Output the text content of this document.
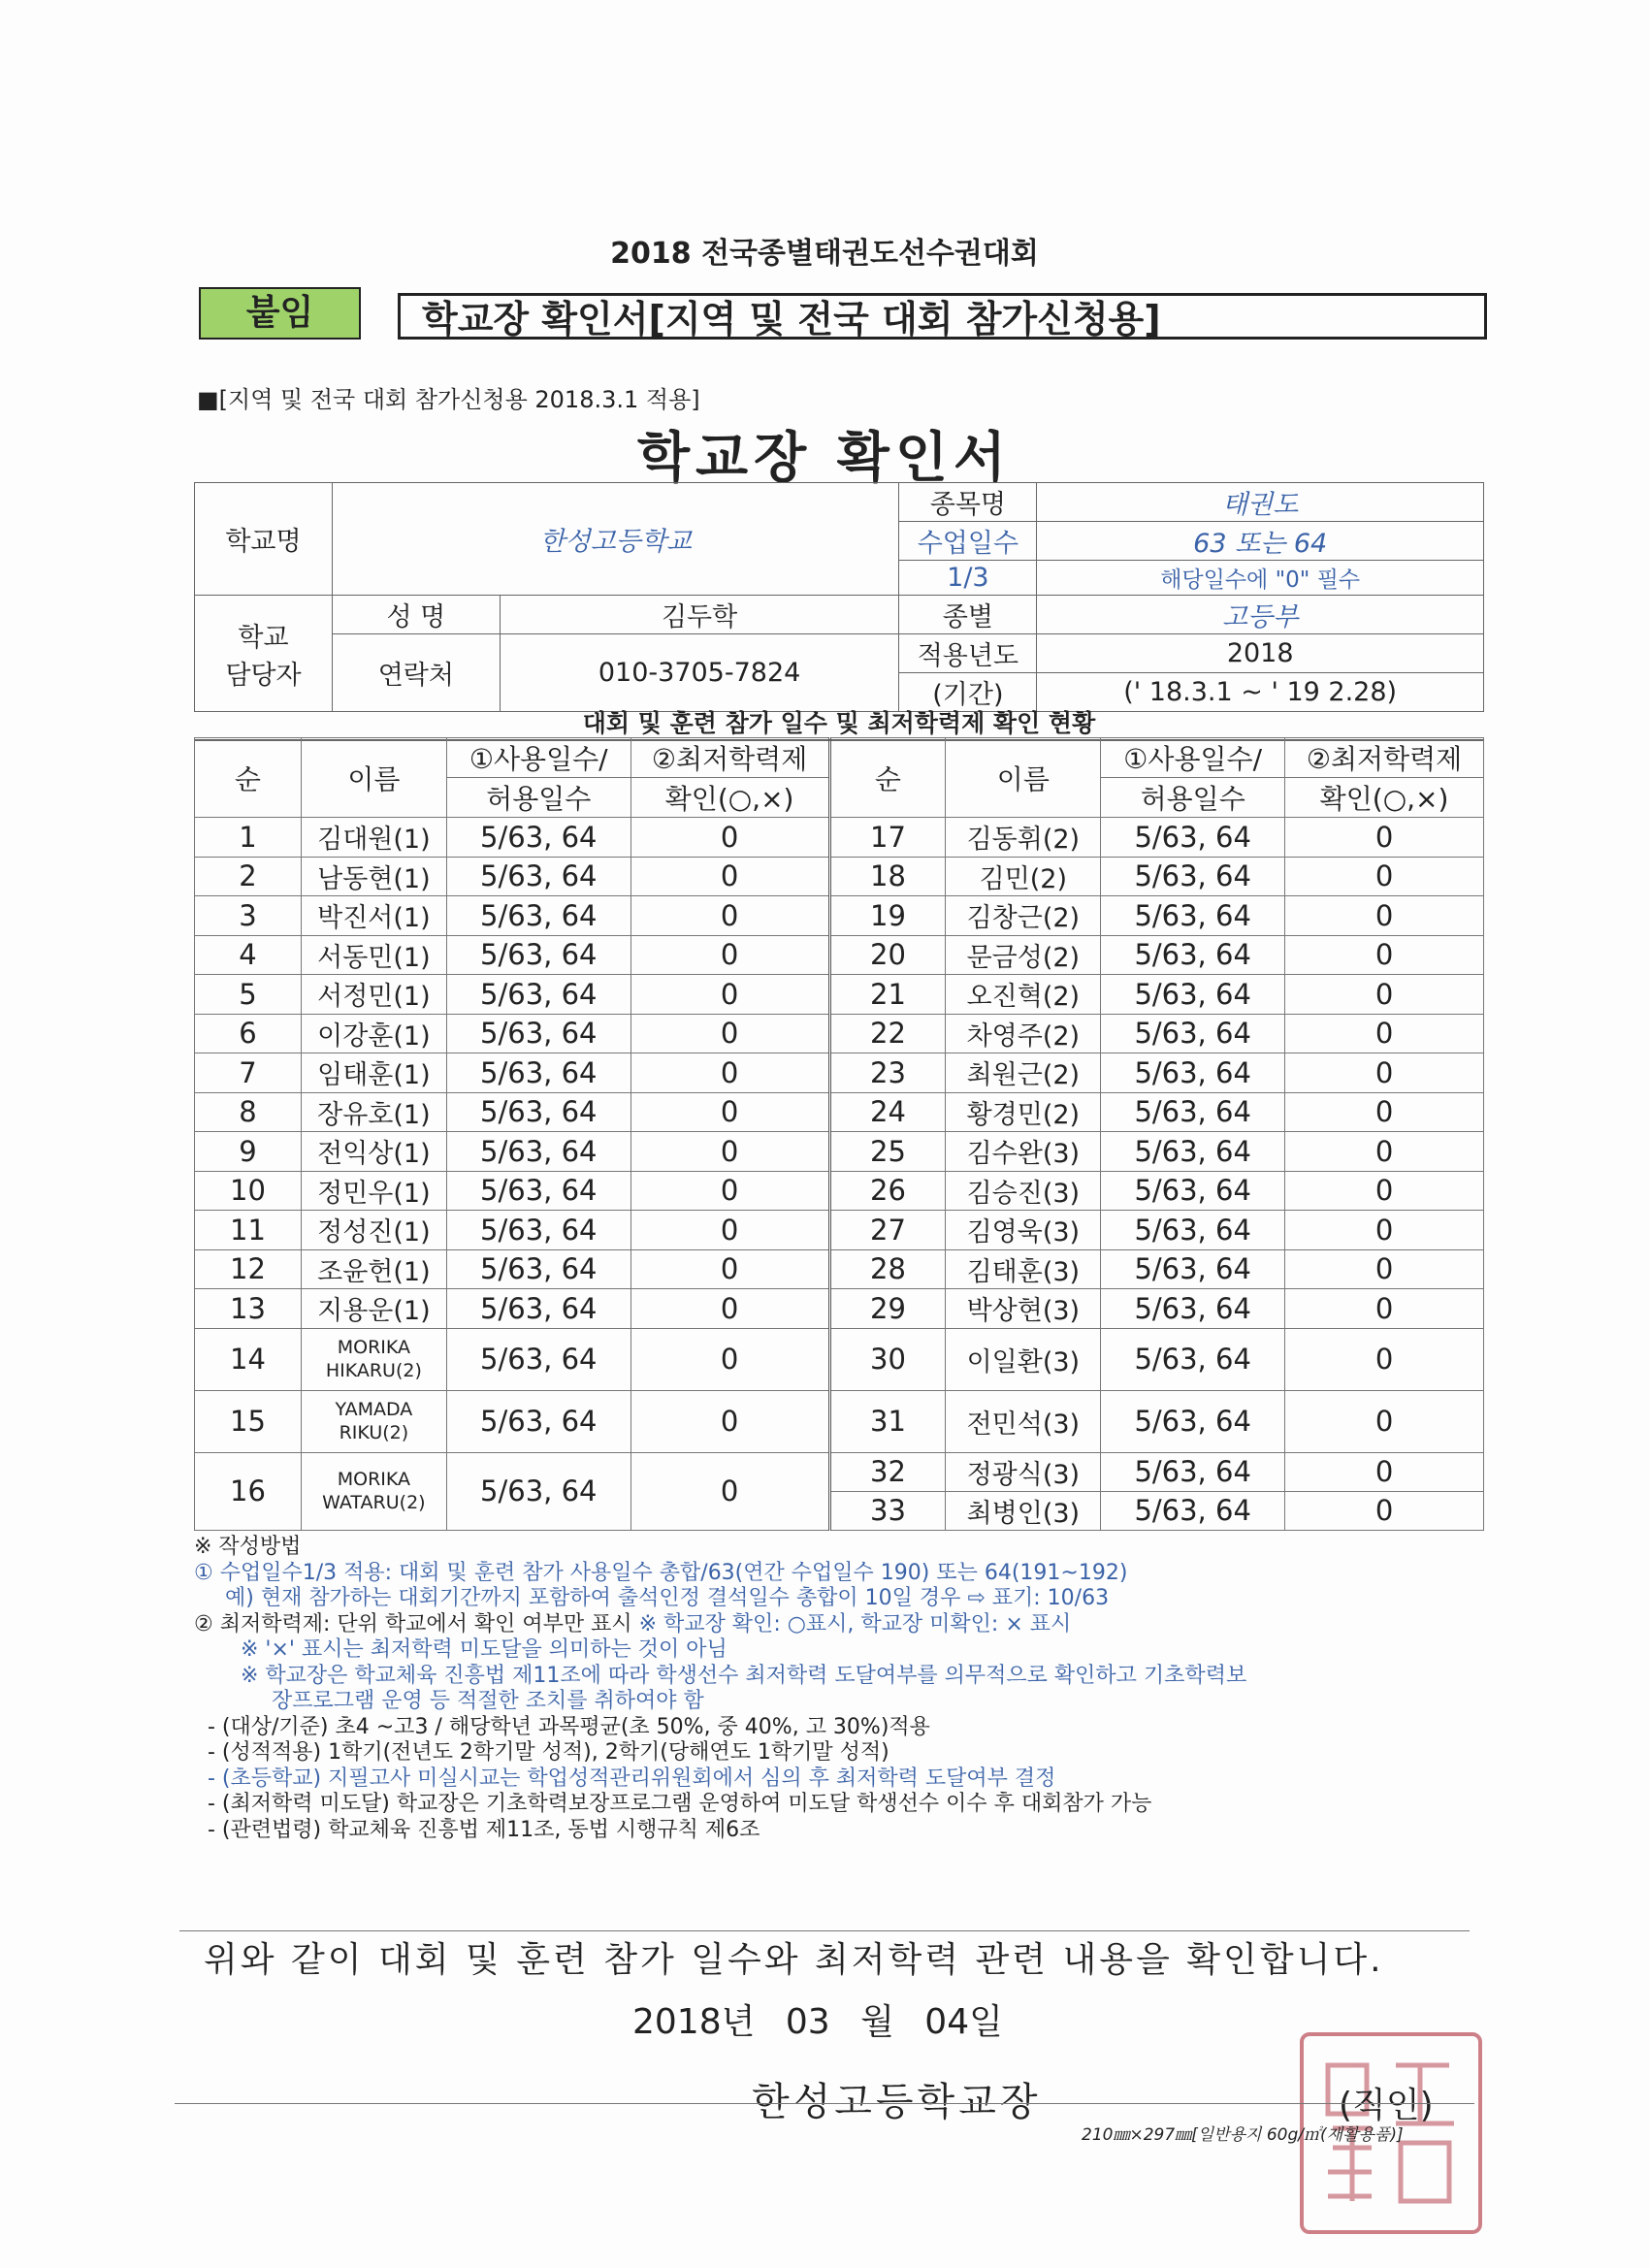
2018 전국종별태권도선수권대회
붙임	학교장 확인서[지역 및 전국 대회 참가신청용]
■[지역 및 전국 대회 참가신청용 2018.3.1 적용]
학교장 확인서
학교명	한성고등학교		종목명	태권도
			수업일수	63 또는 64
			1/3	해당일수에 "0" 필수

학교
담당자	성 명	김두학	종별	고등부
	연락처	010-3705-7824	적용년도	2018
			(기간)	(' 18.3.1 ~ ' 19 2.28)
대회 및 훈련 참가 일수 및 최저학력제 확인 현황
순	이름	①사용일수/	②최저학력제	순	이름	①사용일수/	②최저학력제
		허용일수	확인(○,×)			허용일수	확인(○,×)
1	김대원(1)	5/63, 64	0	17	김동휘(2)	5/63, 64	0
2	남동현(1)	5/63, 64	0	18	김민(2)	5/63, 64	0
3	박진서(1)	5/63, 64	0	19	김창근(2)	5/63, 64	0
4	서동민(1)	5/63, 64	0	20	문금성(2)	5/63, 64	0
5	서정민(1)	5/63, 64	0	21	오진혁(2)	5/63, 64	0
6	이강훈(1)	5/63, 64	0	22	차영주(2)	5/63, 64	0
7	임태훈(1)	5/63, 64	0	23	최원근(2)	5/63, 64	0
8	장유호(1)	5/63, 64	0	24	황경민(2)	5/63, 64	0
9	전익상(1)	5/63, 64	0	25	김수완(3)	5/63, 64	0
10	정민우(1)	5/63, 64	0	26	김승진(3)	5/63, 64	0
11	정성진(1)	5/63, 64	0	27	김영욱(3)	5/63, 64	0
12	조윤헌(1)	5/63, 64	0	28	김태훈(3)	5/63, 64	0
13	지용운(1)	5/63, 64	0	29	박상현(3)	5/63, 64	0
14	MORIKA
HIKARU(2)	5/63, 64	0	30	이일환(3)	5/63, 64	0
15	YAMADA
RIKU(2)	5/63, 64	0	31	전민석(3)	5/63, 64	0
16	MORIKA
WATARU(2)	5/63, 64	0	32	정광식(3)	5/63, 64	0
				33	최병인(3)	5/63, 64	0
※ 작성방법
① 수업일수1/3 적용: 대회 및 훈련 참가 사용일수 총합/63(연간 수업일수 190) 또는 64(191~192)
예) 현재 참가하는 대회기간까지 포함하여 출석인정 결석일수 총합이 10일 경우 ⇨ 표기: 10/63
② 최저학력제: 단위 학교에서 확인 여부만 표시 ※ 학교장 확인: ○표시, 학교장 미확인: × 표시
※ '×' 표시는 최저학력 미도달을 의미하는 것이 아님
※ 학교장은 학교체육 진흥법 제11조에 따라 학생선수 최저학력 도달여부를 의무적으로 확인하고 기초학력보
장프로그램 운영 등 적절한 조치를 취하여야 함
- (대상/기준) 초4 ~고3 / 해당학년 과목평균(초 50%, 중 40%, 고 30%)적용
- (성적적용) 1학기(전년도 2학기말 성적), 2학기(당해연도 1학기말 성적)
- (초등학교) 지필고사 미실시교는 학업성적관리위원회에서 심의 후 최저학력 도달여부 결정
- (최저학력 미도달) 학교장은 기초학력보장프로그램 운영하여 미도달 학생선수 이수 후 대회참가 가능
- (관련법령) 학교체육 진흥법 제11조, 동법 시행규칙 제6조
위와 같이 대회 및 훈련 참가 일수와 최저학력 관련 내용을 확인합니다.
2018년 03 월 04일
한성고등학교장	(직인)
210㎜×297㎜[일반용지 60g/㎡(재활용품)]
